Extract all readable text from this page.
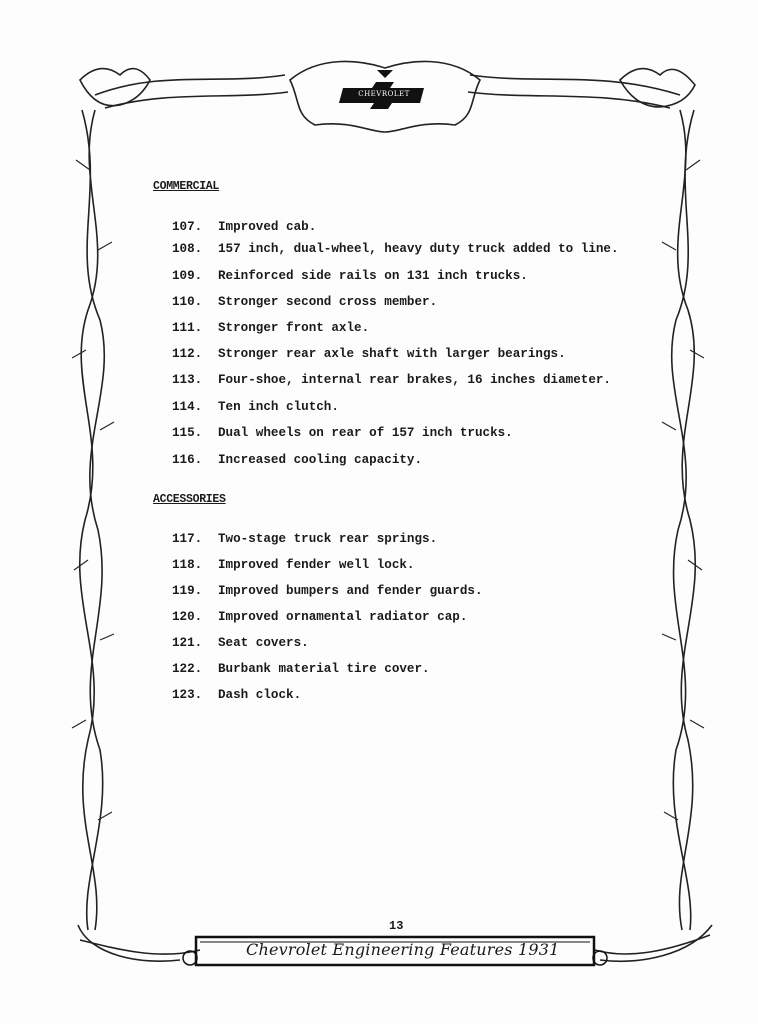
CHEVROLET
COMMERCIAL
107. Improved cab.
108. 157 inch, dual-wheel, heavy duty truck added to line.
109. Reinforced side rails on 131 inch trucks.
110. Stronger second cross member.
111. Stronger front axle.
112. Stronger rear axle shaft with larger bearings.
113. Four-shoe, internal rear brakes, 16 inches diameter.
114. Ten inch clutch.
115. Dual wheels on rear of 157 inch trucks.
116. Increased cooling capacity.
ACCESSORIES
117. Two-stage truck rear springs.
118. Improved fender well lock.
119. Improved bumpers and fender guards.
120. Improved ornamental radiator cap.
121. Seat covers.
122. Burbank material tire cover.
123. Dash clock.
13
Chevrolet Engineering Features 1931
